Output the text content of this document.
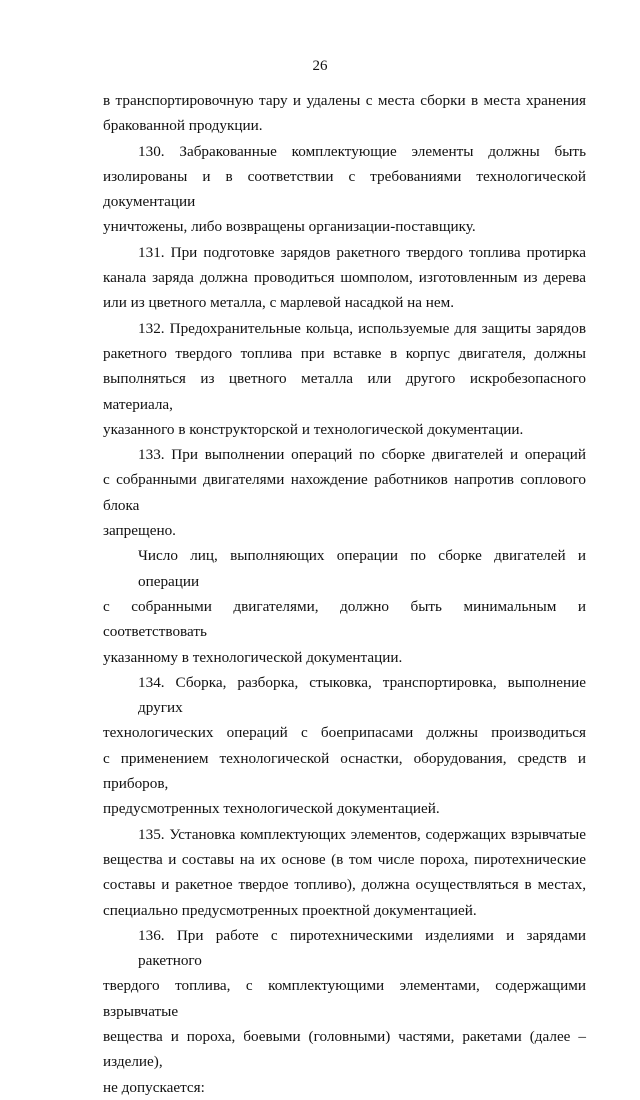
26
в транспортировочную тару и удалены с места сборки в места хранения
бракованной продукции.
130. Забракованные комплектующие элементы должны быть
изолированы и в соответствии с требованиями технологической документации
уничтожены, либо возвращены организации-поставщику.
131. При подготовке зарядов ракетного твердого топлива протирка
канала заряда должна проводиться шомполом, изготовленным из дерева
или из цветного металла, с марлевой насадкой на нем.
132. Предохранительные кольца, используемые для защиты зарядов
ракетного твердого топлива при вставке в корпус двигателя, должны
выполняться из цветного металла или другого искробезопасного материала,
указанного в конструкторской и технологической документации.
133. При выполнении операций по сборке двигателей и операций
с собранными двигателями нахождение работников напротив соплового блока
запрещено.
Число лиц, выполняющих операции по сборке двигателей и операции
с собранными двигателями, должно быть минимальным и соответствовать
указанному в технологической документации.
134. Сборка, разборка, стыковка, транспортировка, выполнение других
технологических операций с боеприпасами должны производиться
с применением технологической оснастки, оборудования, средств и приборов,
предусмотренных технологической документацией.
135. Установка комплектующих элементов, содержащих взрывчатые
вещества и составы на их основе (в том числе пороха, пиротехнические
составы и ракетное твердое топливо), должна осуществляться в местах,
специально предусмотренных проектной документацией.
136. При работе с пиротехническими изделиями и зарядами ракетного
твердого топлива, с комплектующими элементами, содержащими взрывчатые
вещества и пороха, боевыми (головными) частями, ракетами (далее – изделие),
не допускается:
